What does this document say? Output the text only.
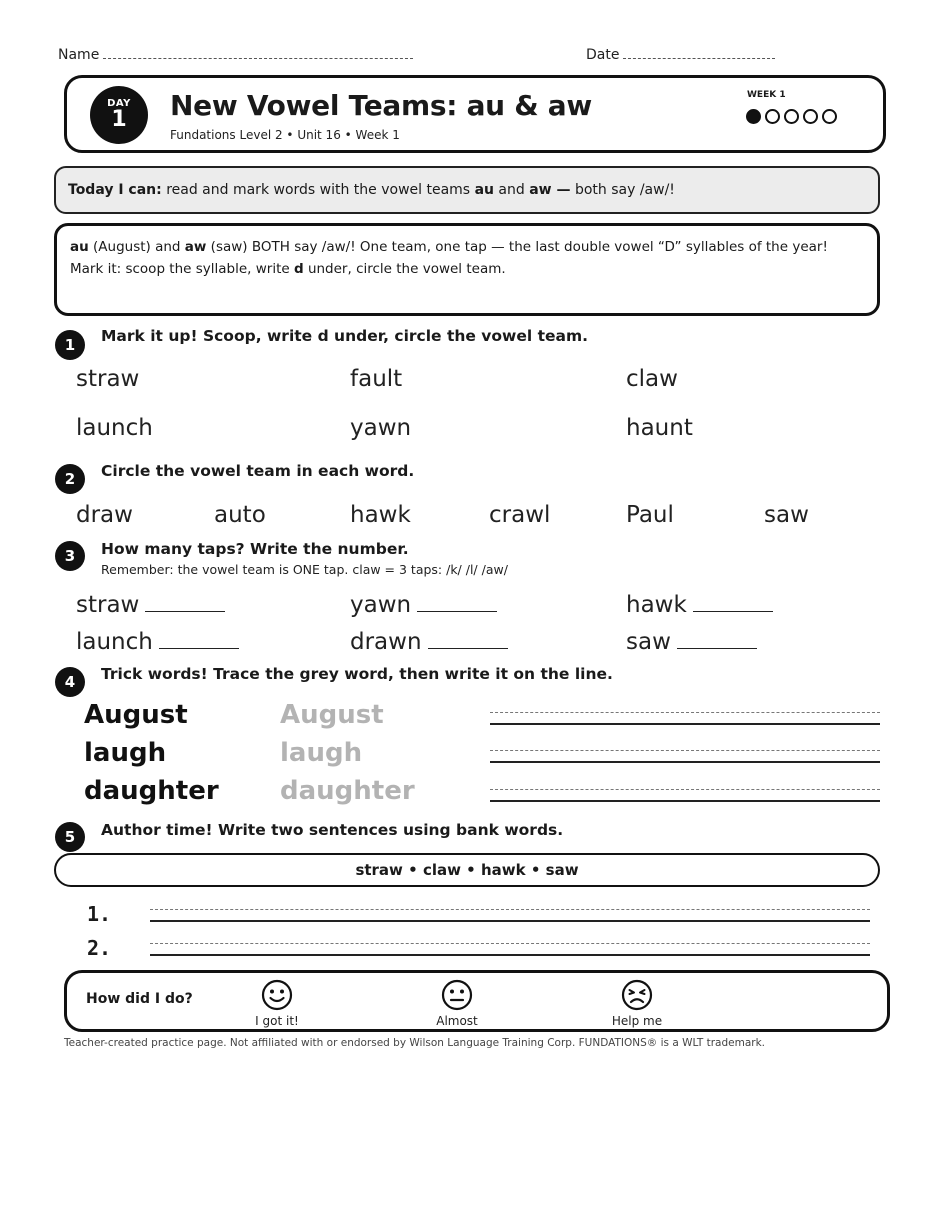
Name	Date
DAY
1	New Vowel Teams: au & aw
Fundations Level 2 • Unit 16 • Week 1
WEEK 1
Today I can: read and mark words with the vowel teams au and aw — both say /aw/!
au (August) and aw (saw) BOTH say /aw/! One team, one tap — the last double vowel “D” syllables of the year!
Mark it: scoop the syllable, write d under, circle the vowel team.
1	Mark it up! Scoop, write d under, circle the vowel team.
straw	fault	claw
launch	yawn	haunt
2	Circle the vowel team in each word.
draw	auto	hawk	crawl	Paul	saw
3	How many taps? Write the number.
Remember: the vowel team is ONE tap. claw = 3 taps: /k/ /l/ /aw/
straw	yawn	hawk
launch	drawn	saw
4	Trick words! Trace the grey word, then write it on the line.
August	August
laugh	laugh
daughter daughter
5	Author time! Write two sentences using bank words.
straw • claw • hawk • saw
1.
2.
How did I do?
I got it!	Almost	Help me
Teacher-created practice page. Not affiliated with or endorsed by Wilson Language Training Corp. FUNDATIONS® is a WLT trademark.
